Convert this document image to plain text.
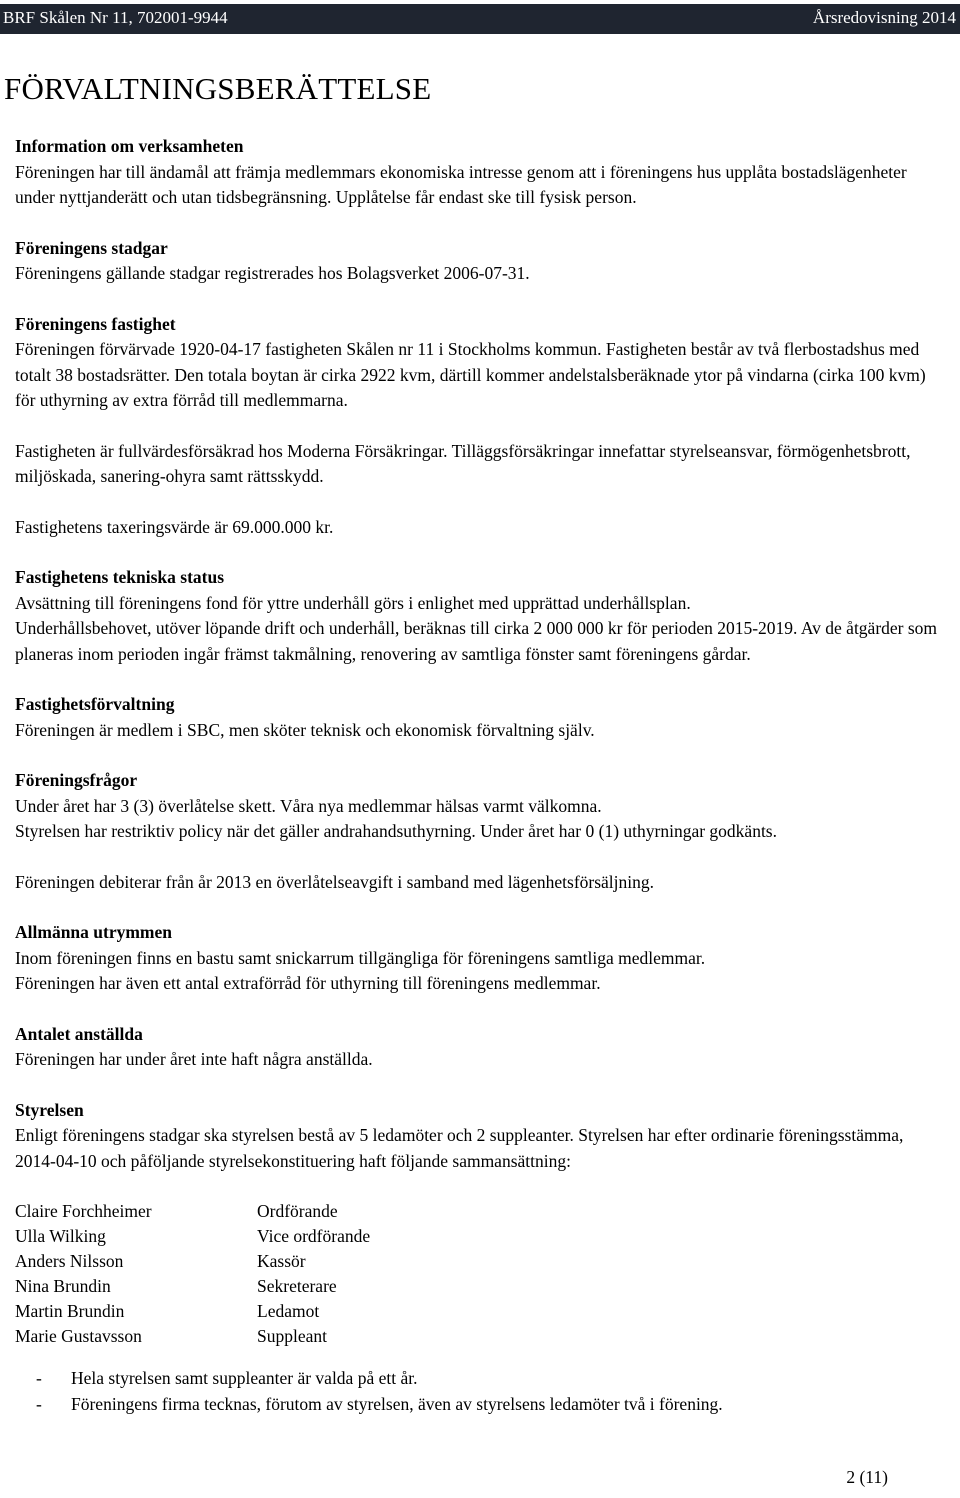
BRF Skålen Nr 11, 702001-9944	Årsredovisning 2014
FÖRVALTNINGSBERÄTTELSE

Information om verksamheten

Föreningen har till ändamål att främja medlemmars ekonomiska intresse genom att i föreningens hus upplåta bostadslägenheter under nyttjanderätt och utan tidsbegränsning. Upplåtelse får endast ske till fysisk person.

Föreningens stadgar

Föreningens gällande stadgar registrerades hos Bolagsverket 2006-07-31.

Föreningens fastighet

Föreningen förvärvade 1920-04-17 fastigheten Skålen nr 11 i Stockholms kommun. Fastigheten består av två flerbostadshus med totalt 38 bostadsrätter. Den totala boytan är cirka 2922 kvm, därtill kommer andelstalsberäknade ytor på vindarna (cirka 100 kvm) för uthyrning av extra förråd till medlemmarna.

Fastigheten är fullvärdesförsäkrad hos Moderna Försäkringar. Tilläggsförsäkringar innefattar styrelseansvar, förmögenhetsbrott, miljöskada, sanering-ohyra samt rättsskydd.

Fastighetens taxeringsvärde är 69.000.000 kr.

Fastighetens tekniska status

Avsättning till föreningens fond för yttre underhåll görs i enlighet med upprättad underhållsplan.

Underhållsbehovet, utöver löpande drift och underhåll, beräknas till cirka 2 000 000 kr för perioden 2015-2019. Av de åtgärder som planeras inom perioden ingår främst takmålning, renovering av samtliga fönster samt föreningens gårdar.

Fastighetsförvaltning

Föreningen är medlem i SBC, men sköter teknisk och ekonomisk förvaltning själv.

Föreningsfrågor

Under året har 3 (3) överlåtelse skett. Våra nya medlemmar hälsas varmt välkomna.

Styrelsen har restriktiv policy när det gäller andrahandsuthyrning. Under året har 0 (1) uthyrningar godkänts.

Föreningen debiterar från år 2013 en överlåtelseavgift i samband med lägenhetsförsäljning.

Allmänna utrymmen

Inom föreningen finns en bastu samt snickarrum tillgängliga för föreningens samtliga medlemmar.

Föreningen har även ett antal extraförråd för uthyrning till föreningens medlemmar.

Antalet anställda

Föreningen har under året inte haft några anställda.

Styrelsen

Enligt föreningens stadgar ska styrelsen bestå av 5 ledamöter och 2 suppleanter. Styrelsen har efter ordinarie föreningsstämma, 2014-04-10 och påföljande styrelsekonstituering haft följande sammansättning:

Claire Forchheimer	Ordförande
Ulla Wilking	Vice ordförande
Anders Nilsson	Kassör
Nina Brundin	Sekreterare
Martin Brundin	Ledamot
Marie Gustavsson	Suppleant
- Hela styrelsen samt suppleanter är valda på ett år.
- Föreningens firma tecknas, förutom av styrelsen, även av styrelsens ledamöter två i förening.
2 (11)
